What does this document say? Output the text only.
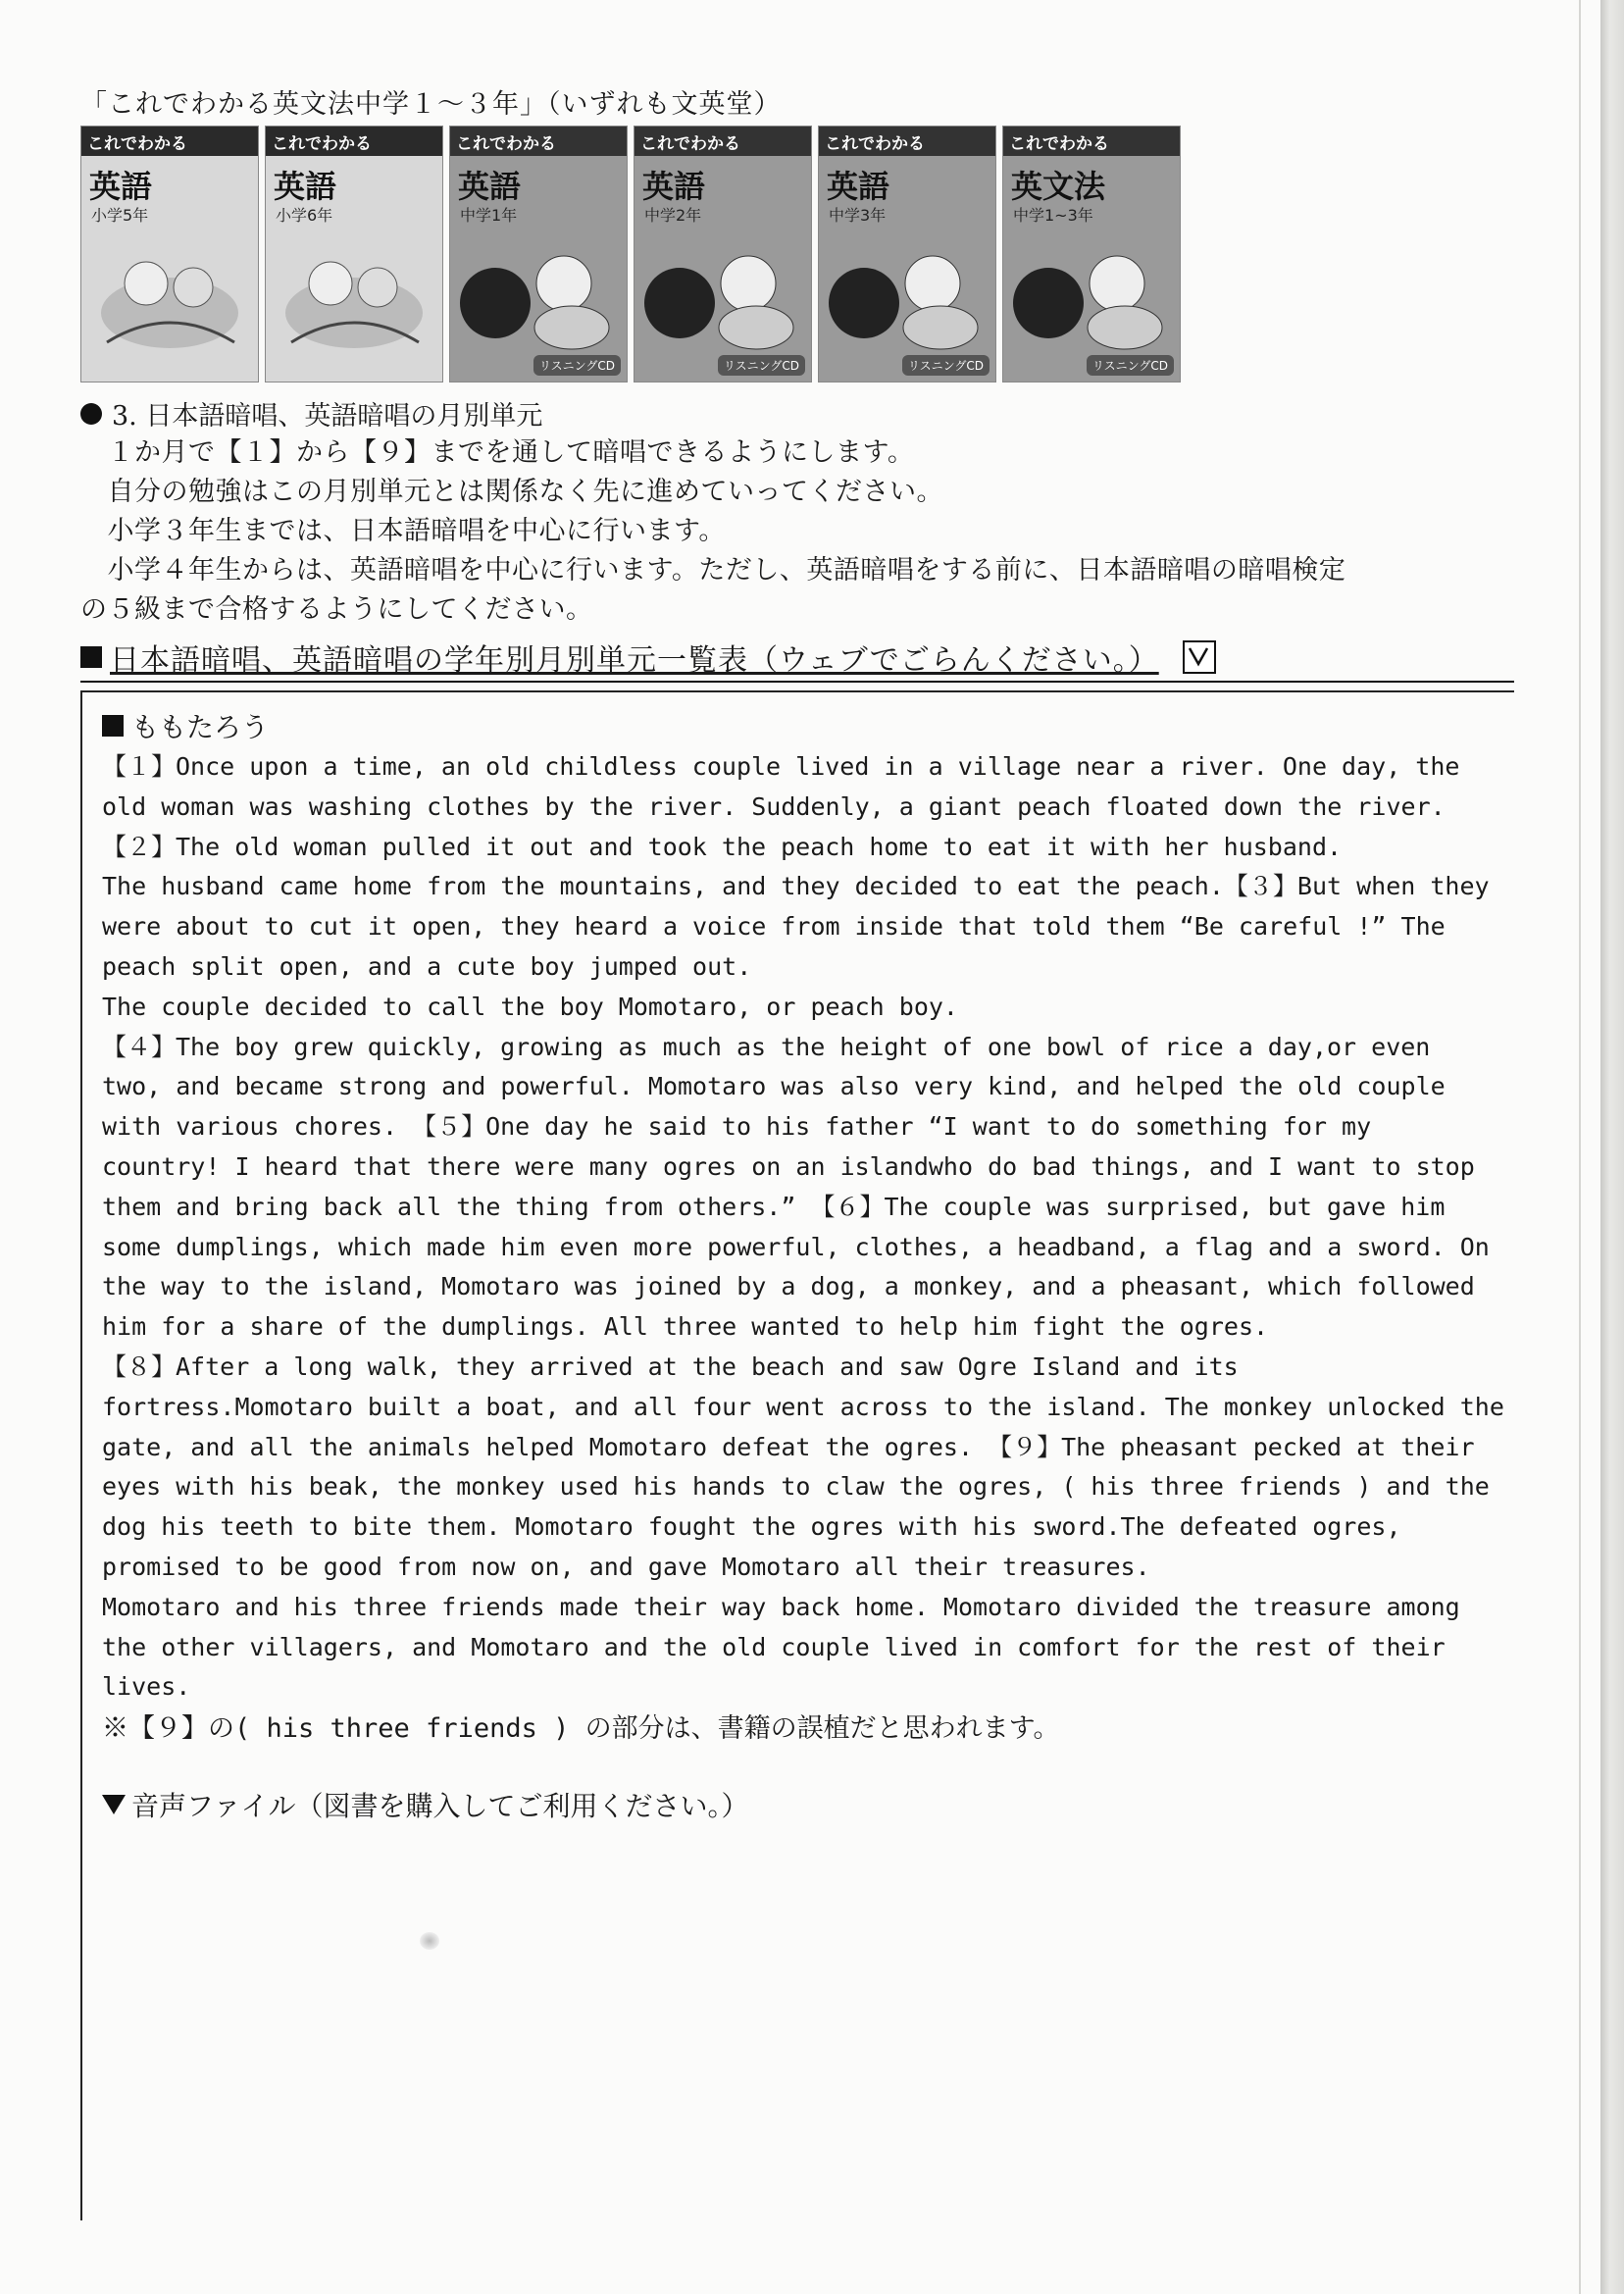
「これでわかる英文法中学１～３年」（いずれも文英堂）
これでわかる
英語
小学5年
これでわかる
英語
小学6年
これでわかる
英語
中学1年
リスニングCD
これでわかる
英語
中学2年
リスニングCD
これでわかる
英語
中学3年
リスニングCD
これでわかる
英文法
中学1~3年
リスニングCD
3. 日本語暗唱、英語暗唱の月別単元
　１か月で【１】から【９】までを通して暗唱できるようにします。
　自分の勉強はこの月別単元とは関係なく先に進めていってください。
　小学３年生までは、日本語暗唱を中心に行います。
　小学４年生からは、英語暗唱を中心に行います。ただし、英語暗唱をする前に、日本語暗唱の暗唱検定
の５級まで合格するようにしてください。
日本語暗唱、英語暗唱の学年別月別単元一覧表（ウェブでごらんください。）
ももたろう
【１】Once upon a time, an old childless couple lived in a village near a river. One day, the
old woman was washing clothes by the river. Suddenly, a giant peach floated down the river.
【２】The old woman pulled it out and took the peach home to eat it with her husband.
The husband came home from the mountains, and they decided to eat the peach.【３】But when they
were about to cut it open, they heard a voice from inside that told them “Be careful !” The
peach split open, and a cute boy jumped out.
The couple decided to call the boy Momotaro, or peach boy.
【４】The boy grew quickly, growing as much as the height of one bowl of rice a day,or even
two, and became strong and powerful. Momotaro was also very kind, and helped the old couple
with various chores. 【５】One day he said to his father “I want to do something for my
country! I heard that there were many ogres on an islandwho do bad things, and I want to stop
them and bring back all the thing from others.” 【６】The couple was surprised, but gave him
some dumplings, which made him even more powerful, clothes, a headband, a flag and a sword. On
the way to the island, Momotaro was joined by a dog, a monkey, and a pheasant, which followed
him for a share of the dumplings. All three wanted to help him fight the ogres.
【８】After a long walk, they arrived at the beach and saw Ogre Island and its
fortress.Momotaro built a boat, and all four went across to the island. The monkey unlocked the
gate, and all the animals helped Momotaro defeat the ogres. 【９】The pheasant pecked at their
eyes with his beak, the monkey used his hands to claw the ogres, ( his three friends ) and the
dog his teeth to bite them. Momotaro fought the ogres with his sword.The defeated ogres,
promised to be good from now on, and gave Momotaro all their treasures.
Momotaro and his three friends made their way back home. Momotaro divided the treasure among
the other villagers, and Momotaro and the old couple lived in comfort for the rest of their
lives.
※【９】の( his three friends ) の部分は、書籍の誤植だと思われます。
音声ファイル（図書を購入してご利用ください。）
